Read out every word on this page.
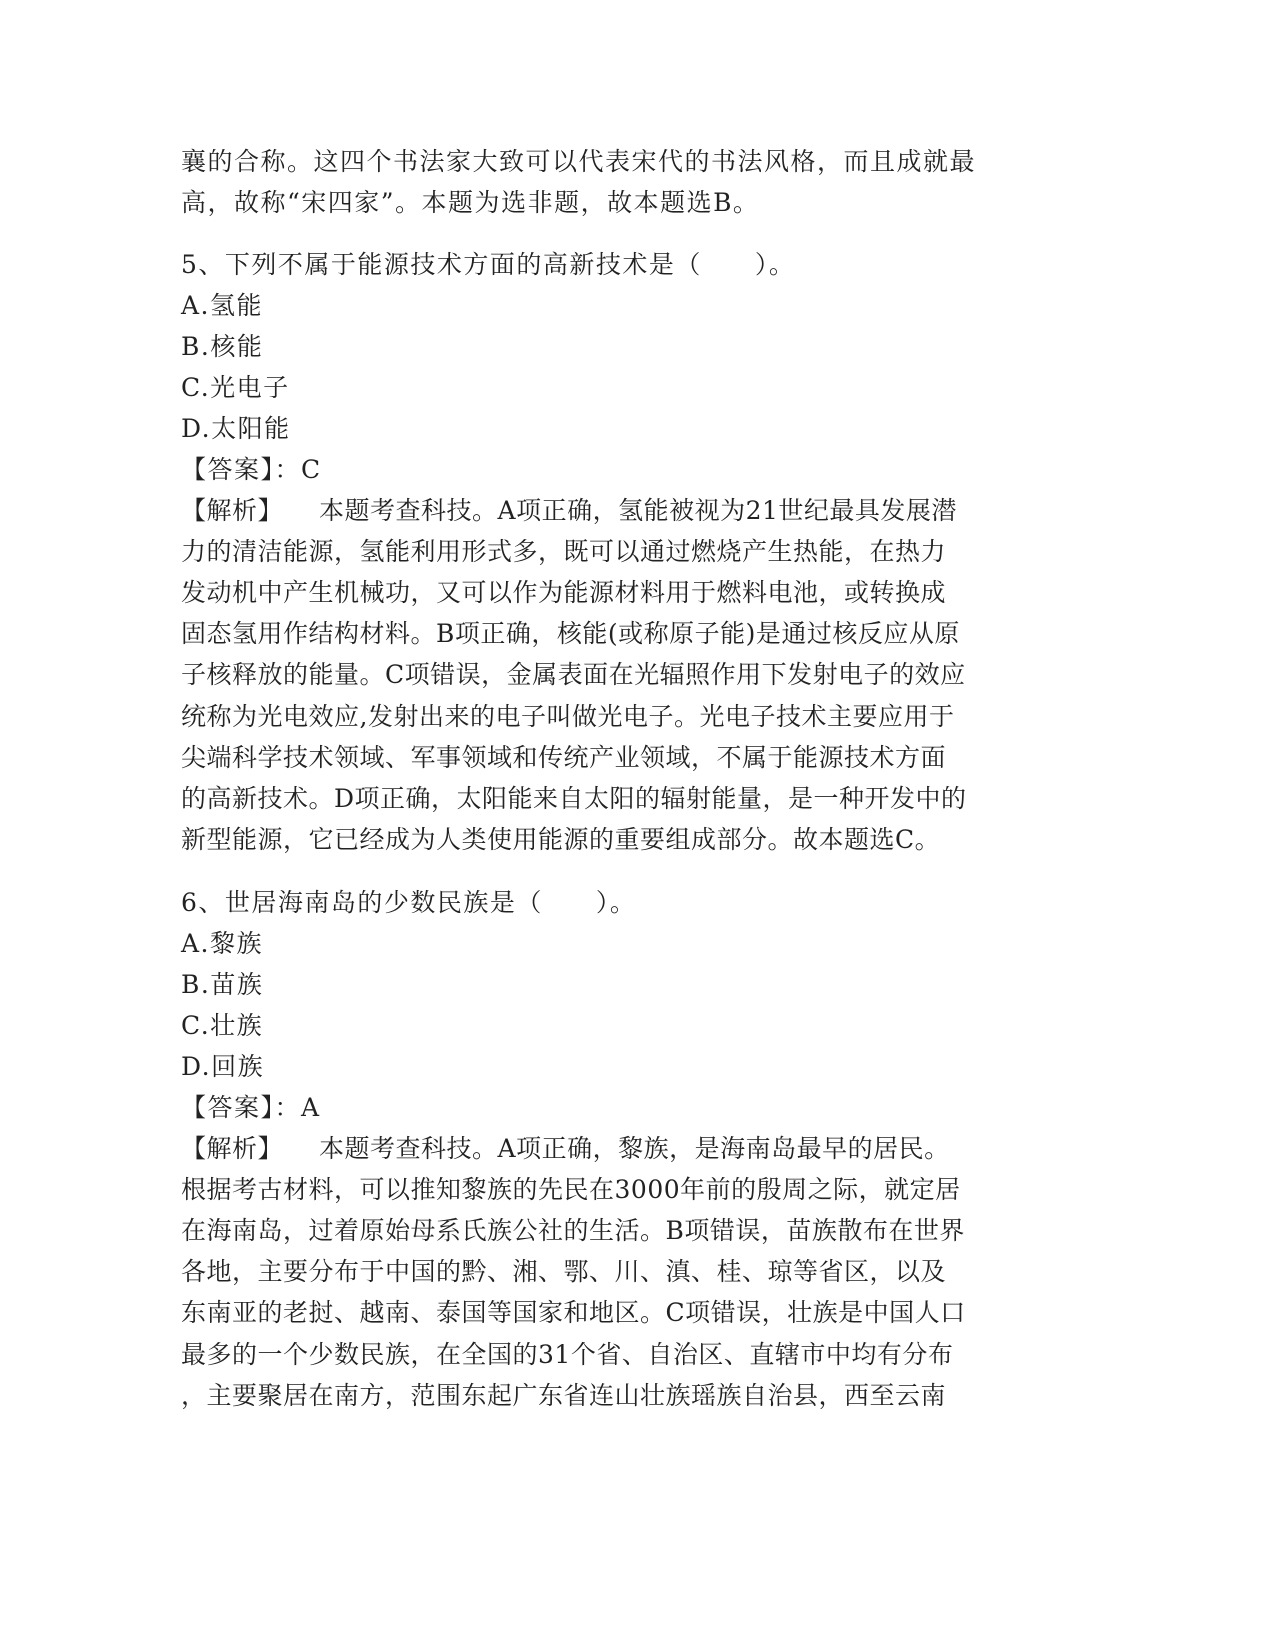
襄的合称。这四个书法家大致可以代表宋代的书法风格，而且成就最

高，故称“宋四家”。本题为选非题，故本题选B。

5、下列不属于能源技术方面的高新技术是（　　）。

A.氢能

B.核能

C.光电子

D.太阳能

【答案】：C

【解析】 本题考查科技。A项正确，氢能被视为21世纪最具发展潜

力的清洁能源，氢能利用形式多，既可以通过燃烧产生热能，在热力

发动机中产生机械功，又可以作为能源材料用于燃料电池，或转换成

固态氢用作结构材料。B项正确，核能(或称原子能)是通过核反应从原

子核释放的能量。C项错误，金属表面在光辐照作用下发射电子的效应

统称为光电效应,发射出来的电子叫做光电子。光电子技术主要应用于

尖端科学技术领域、军事领域和传统产业领域，不属于能源技术方面

的高新技术。D项正确，太阳能来自太阳的辐射能量，是一种开发中的

新型能源，它已经成为人类使用能源的重要组成部分。故本题选C。

6、世居海南岛的少数民族是（　　）。

A.黎族

B.苗族

C.壮族

D.回族

【答案】：A

【解析】 本题考查科技。A项正确，黎族，是海南岛最早的居民。

根据考古材料，可以推知黎族的先民在3000年前的殷周之际，就定居

在海南岛，过着原始母系氏族公社的生活。B项错误，苗族散布在世界

各地，主要分布于中国的黔、湘、鄂、川、滇、桂、琼等省区，以及

东南亚的老挝、越南、泰国等国家和地区。C项错误，壮族是中国人口

最多的一个少数民族，在全国的31个省、自治区、直辖市中均有分布

，主要聚居在南方，范围东起广东省连山壮族瑶族自治县，西至云南
